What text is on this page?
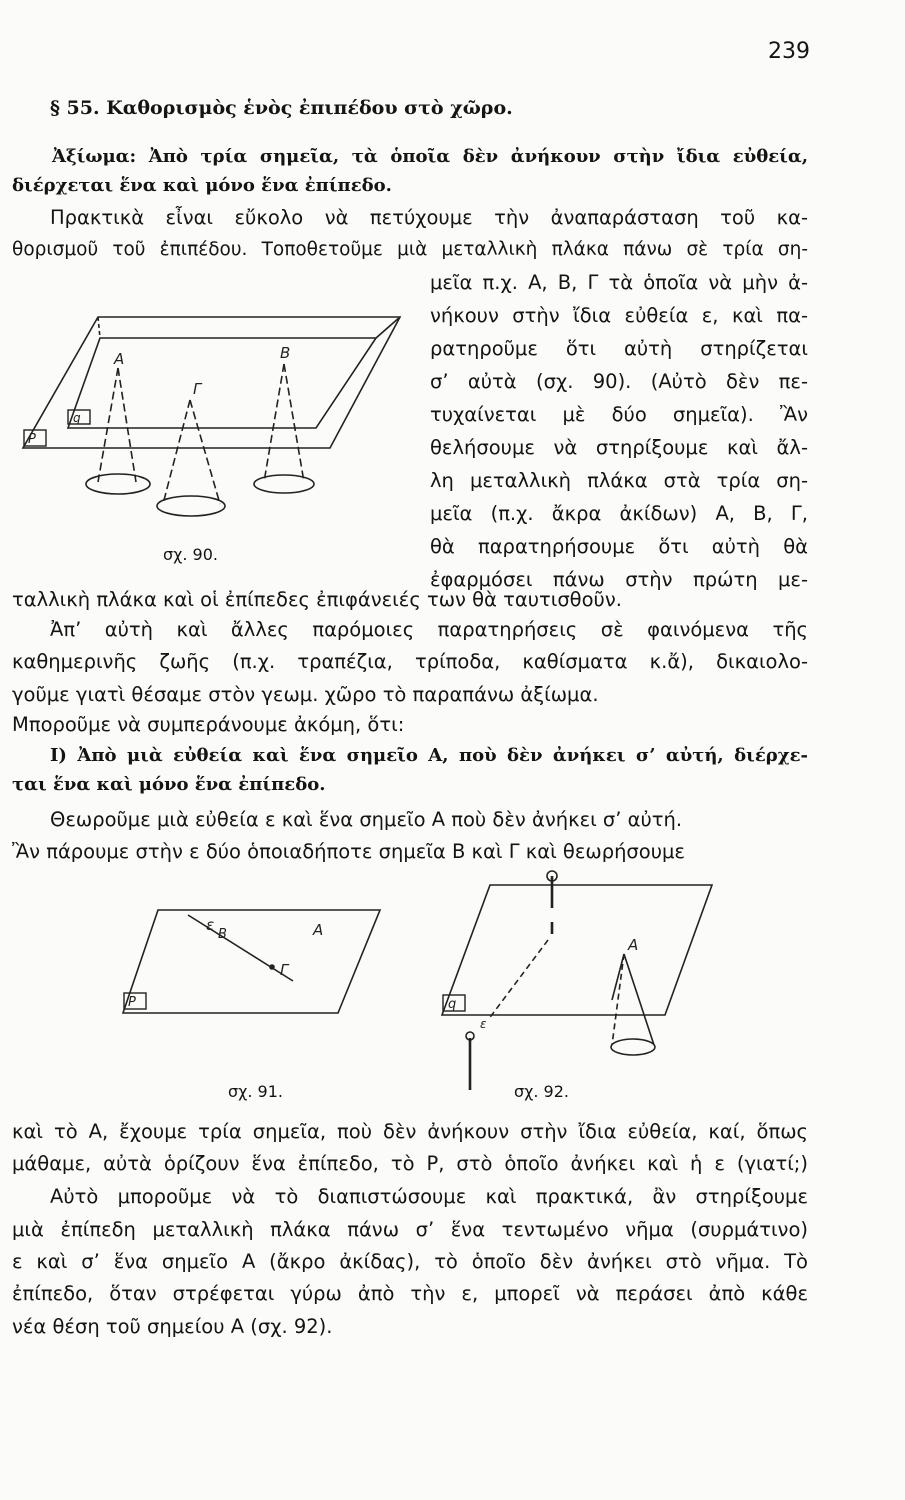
239
§ 55. Καθορισμὸς ἑνὸς ἐπιπέδου στὸ χῶρο.
Ἀξίωμα: Ἀπὸ τρία σημεῖα, τὰ ὁποῖα δὲν ἀνήκουν στὴν ἴδια εὐθεία,
διέρχεται ἕνα καὶ μόνο ἕνα ἐπίπεδο.
Πρακτικὰ εἶναι εὔκολο νὰ πετύχουμε τὴν ἀναπαράσταση τοῦ κα-
θορισμοῦ τοῦ ἐπιπέδου. Τοποθετοῦμε μιὰ μεταλλικὴ πλάκα πάνω σὲ τρία ση-
μεῖα π.χ. Α, Β, Γ τὰ ὁποῖα νὰ μὴν ἀ-
νήκουν στὴν ἴδια εὐθεία ε, καὶ πα-
ρατηροῦμε ὅτι αὐτὴ στηρίζεται
σ’ αὐτὰ (σχ. 90). (Αὐτὸ δὲν πε-
τυχαίνεται μὲ δύο σημεῖα). Ἂν
θελήσουμε νὰ στηρίξουμε καὶ ἄλ-
λη μεταλλικὴ πλάκα στὰ τρία ση-
μεῖα (π.χ. ἄκρα ἀκίδων) Α, Β, Γ,
θὰ παρατηρήσουμε ὅτι αὐτὴ θὰ
ἐφαρμόσει πάνω στὴν πρώτη με-
A	B
Γ
q
P
σχ. 90.
ταλλικὴ πλάκα καὶ οἱ ἐπίπεδες ἐπιφάνειές των θὰ ταυτισθοῦν.
Ἀπ’ αὐτὴ καὶ ἄλλες παρόμοιες παρατηρήσεις σὲ φαινόμενα τῆς
καθημερινῆς ζωῆς (π.χ. τραπέζια, τρίποδα, καθίσματα κ.ἄ), δικαιολο-
γοῦμε γιατὶ θέσαμε στὸν γεωμ. χῶρο τὸ παραπάνω ἀξίωμα.
Μποροῦμε νὰ συμπεράνουμε ἀκόμη, ὅτι:
I) Ἀπὸ μιὰ εὐθεία καὶ ἕνα σημεῖο Α, ποὺ δὲν ἀνήκει σ’ αὐτή, διέρχε-
ται ἕνα καὶ μόνο ἕνα ἐπίπεδο.
Θεωροῦμε μιὰ εὐθεία ε καὶ ἕνα σημεῖο Α ποὺ δὲν ἀνήκει σ’ αὐτή.
Ἂν πάρουμε στὴν ε δύο ὁποιαδήποτε σημεῖα Β καὶ Γ καὶ θεωρήσουμε
ε
B	A
Γ
P
σχ. 91.
A
q
ε
σχ. 92.
καὶ τὸ Α, ἔχουμε τρία σημεῖα, ποὺ δὲν ἀνήκουν στὴν ἴδια εὐθεία, καί, ὅπως
μάθαμε, αὐτὰ ὁρίζουν ἕνα ἐπίπεδο, τὸ P, στὸ ὁποῖο ἀνήκει καὶ ἡ ε (γιατί;)
Αὐτὸ μποροῦμε νὰ τὸ διαπιστώσουμε καὶ πρακτικά, ἂν στηρίξουμε
μιὰ ἐπίπεδη μεταλλικὴ πλάκα πάνω σ’ ἕνα τεντωμένο νῆμα (συρμάτινο)
ε καὶ σ’ ἕνα σημεῖο Α (ἄκρο ἀκίδας), τὸ ὁποῖο δὲν ἀνήκει στὸ νῆμα. Τὸ
ἐπίπεδο, ὅταν στρέφεται γύρω ἀπὸ τὴν ε, μπορεῖ νὰ περάσει ἀπὸ κάθε
νέα θέση τοῦ σημείου Α (σχ. 92).
